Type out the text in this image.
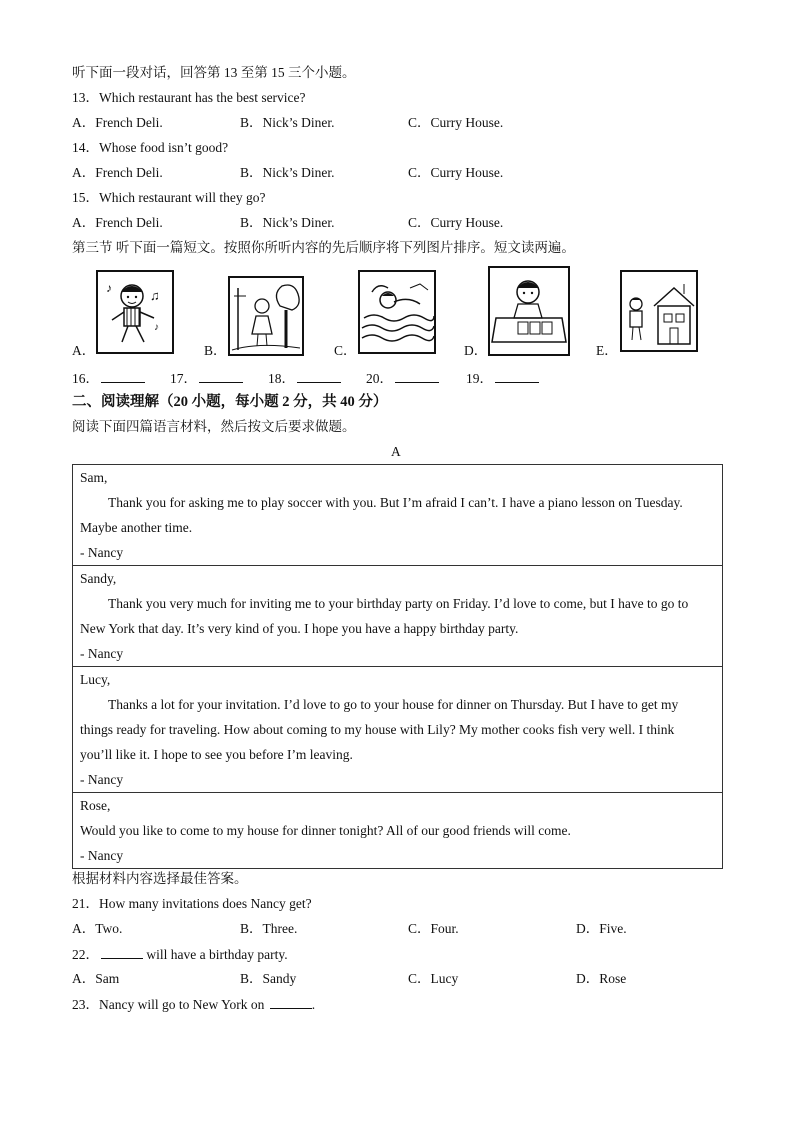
听下面一段对话，回答第 13 至第 15 三个小题。
13．Which restaurant has the best service?
A．French Deli.	B．Nick’s Diner.	C．Curry House.
14．Whose food isn’t good?
A．French Deli.	B．Nick’s Diner.	C．Curry House.
15．Which restaurant will they go?
A．French Deli.	B．Nick’s Diner.	C．Curry House.
第三节 听下面一篇短文。按照你所听内容的先后顺序将下列图片排序。短文读两遍。
A．
♪	♫
♪
B．	C．	D．	E．
16．	17．	18．	20．	19．
二、阅读理解（20 小题，每小题 2 分，共 40 分）
阅读下面四篇语言材料，然后按文后要求做题。
A

Sam,

Thank you for asking me to play soccer with you. But I’m afraid I can’t. I have a piano lesson on Tuesday.

Maybe another time.

- Nancy

Sandy,

Thank you very much for inviting me to your birthday party on Friday. I’d love to come, but I have to go to

New York that day. It’s very kind of you. I hope you have a happy birthday party.

- Nancy

Lucy,

Thanks a lot for your invitation. I’d love to go to your house for dinner on Thursday. But I have to get my

things ready for traveling. How about coming to my house with Lily? My mother cooks fish very well. I think

you’ll like it. I hope to see you before I’m leaving.

- Nancy

Rose,

Would you like to come to my house for dinner tonight? All of our good friends will come.

- Nancy

根据材料内容选择最佳答案。
21．How many invitations does Nancy get?
A．Two.	B．Three.	C．Four.	D．Five.
22．	will have a birthday party.
A．Sam	B．Sandy	C．Lucy	D．Rose
23．Nancy will go to New York on	.
